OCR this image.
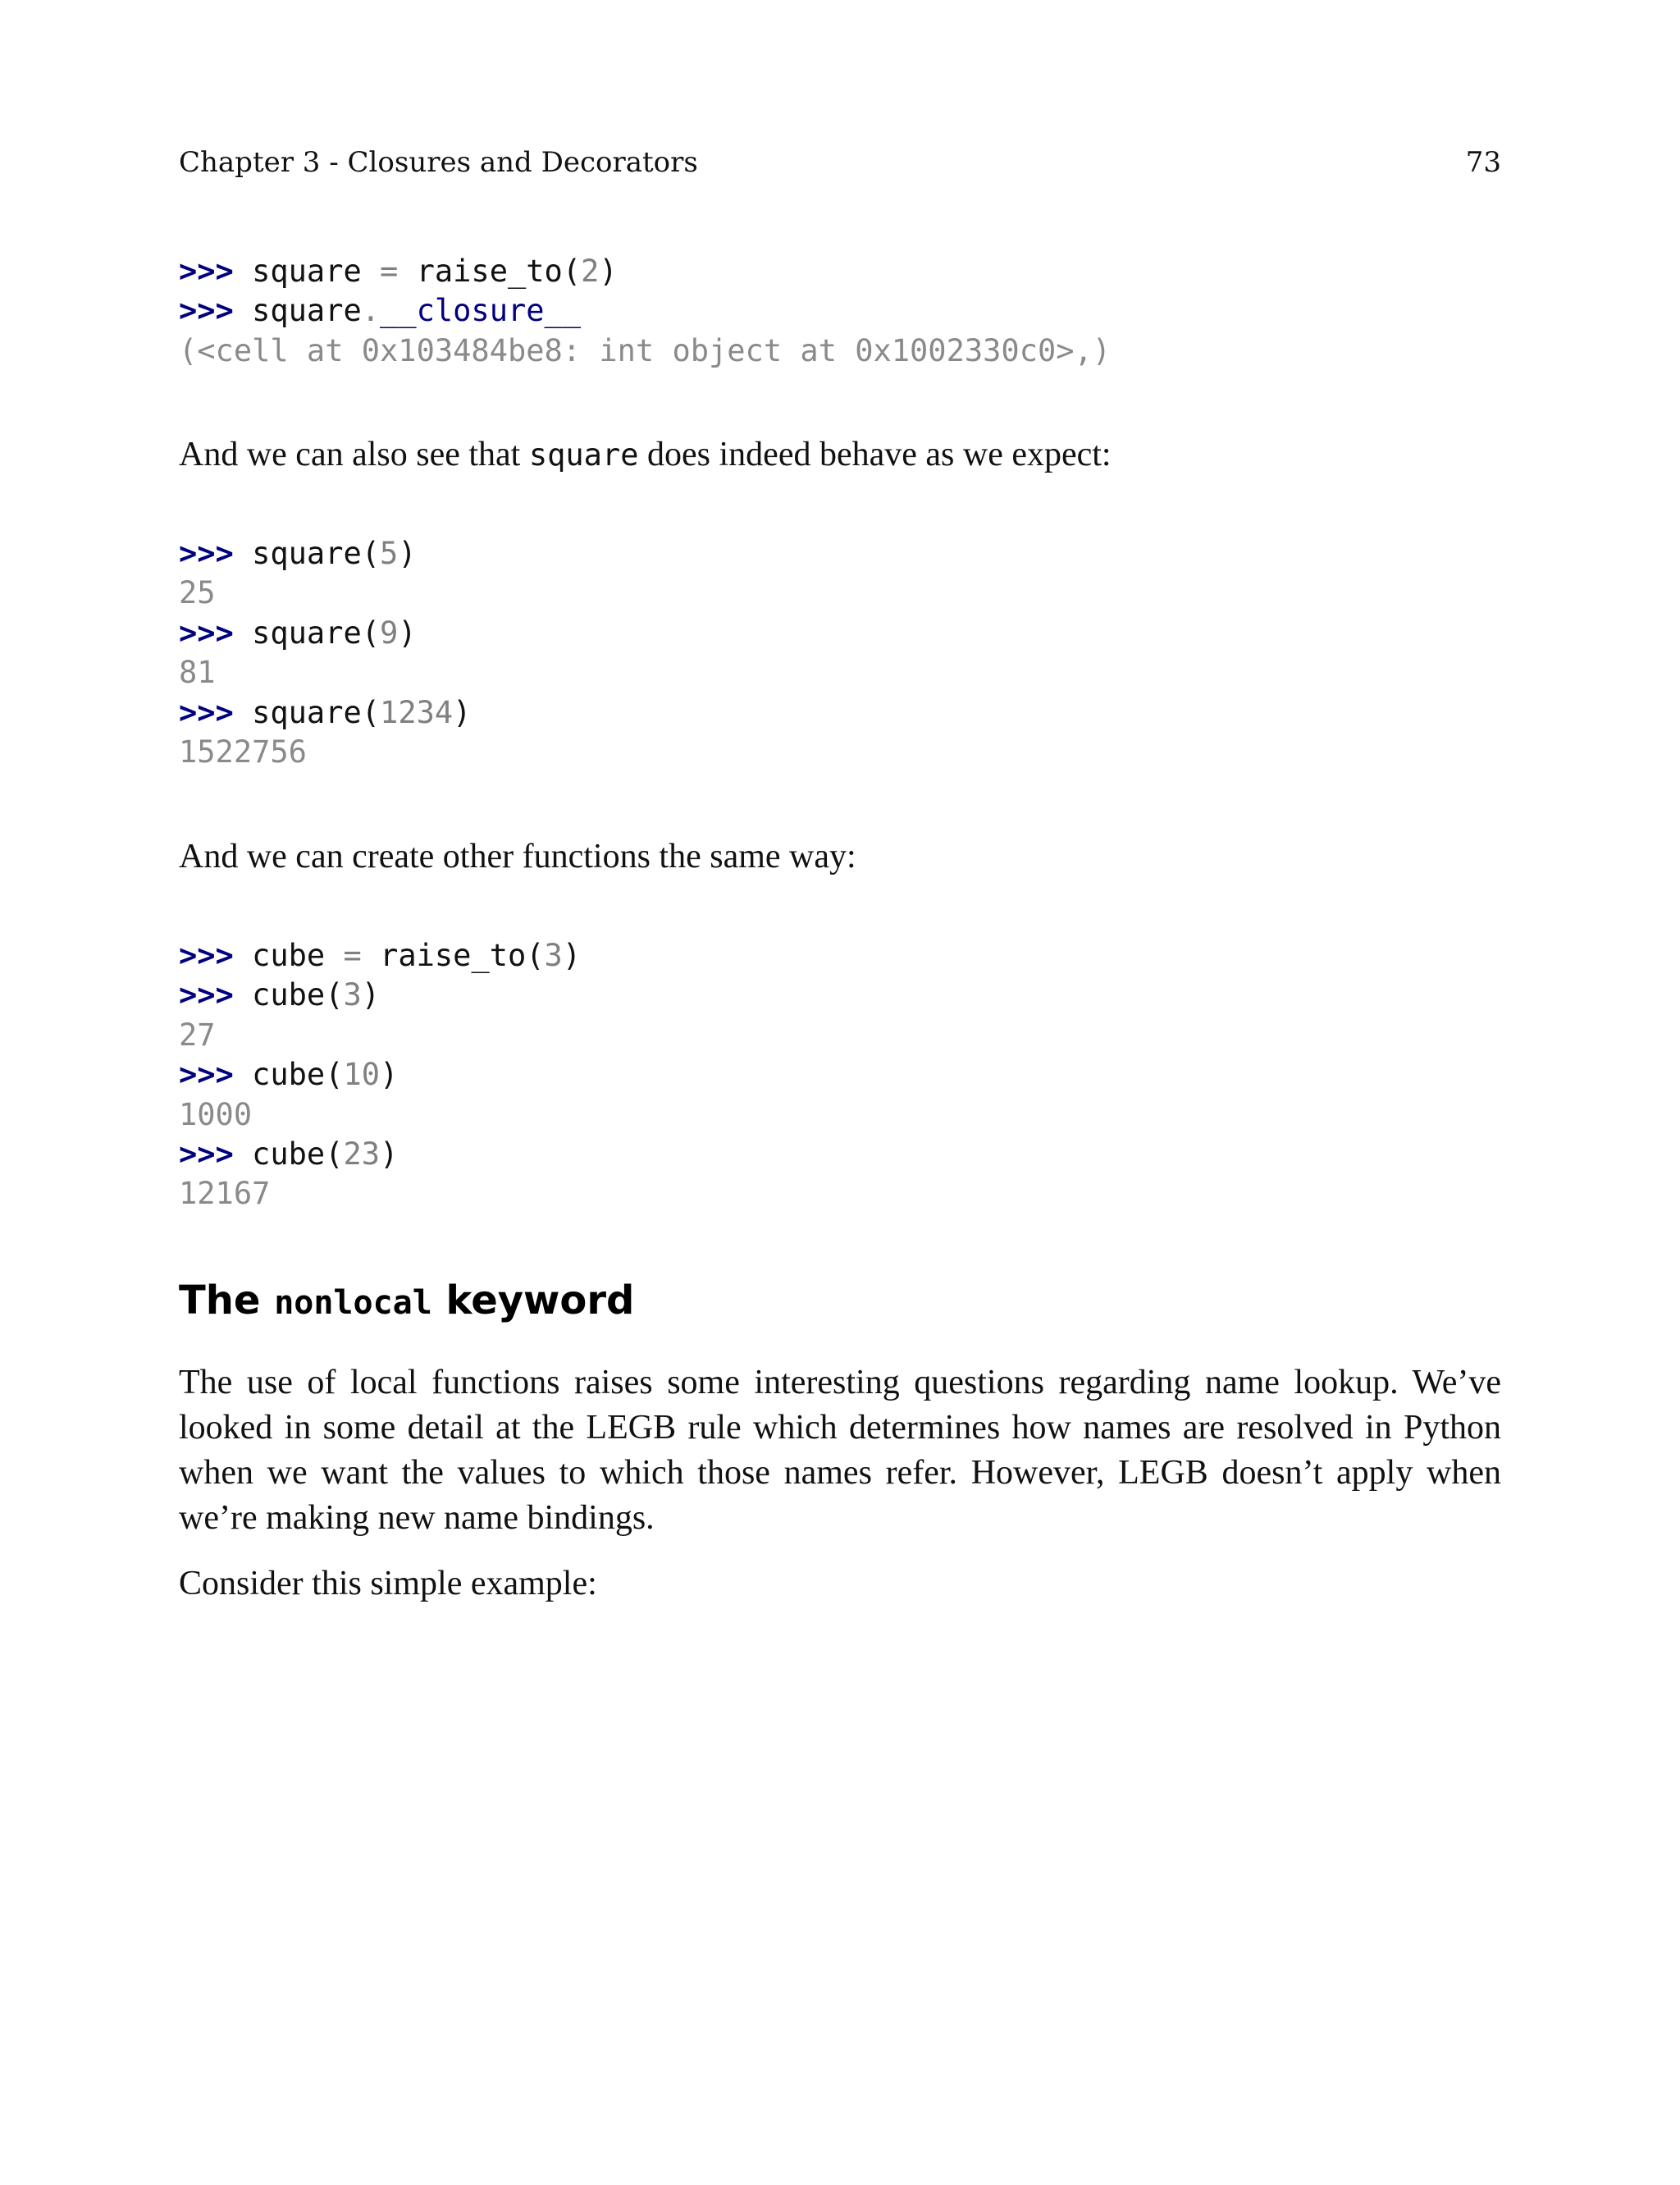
Chapter 3 - Closures and Decorators	73
>>> square = raise_to(2)
>>> square.__closure__
(<cell at 0x103484be8: int object at 0x1002330c0>,)

And we can also see that square does indeed behave as we expect:

>>> square(5)
25
>>> square(9)
81
>>> square(1234)
1522756

And we can create other functions the same way:

>>> cube = raise_to(3)
>>> cube(3)
27
>>> cube(10)
1000
>>> cube(23)
12167
The nonlocal keyword

The use of local functions raises some interesting questions regarding name lookup. We’ve looked in some detail at the LEGB rule which determines how names are resolved in Python when we want the values to which those names refer. However, LEGB doesn’t apply when we’re making new name bindings.

Consider this simple example:
